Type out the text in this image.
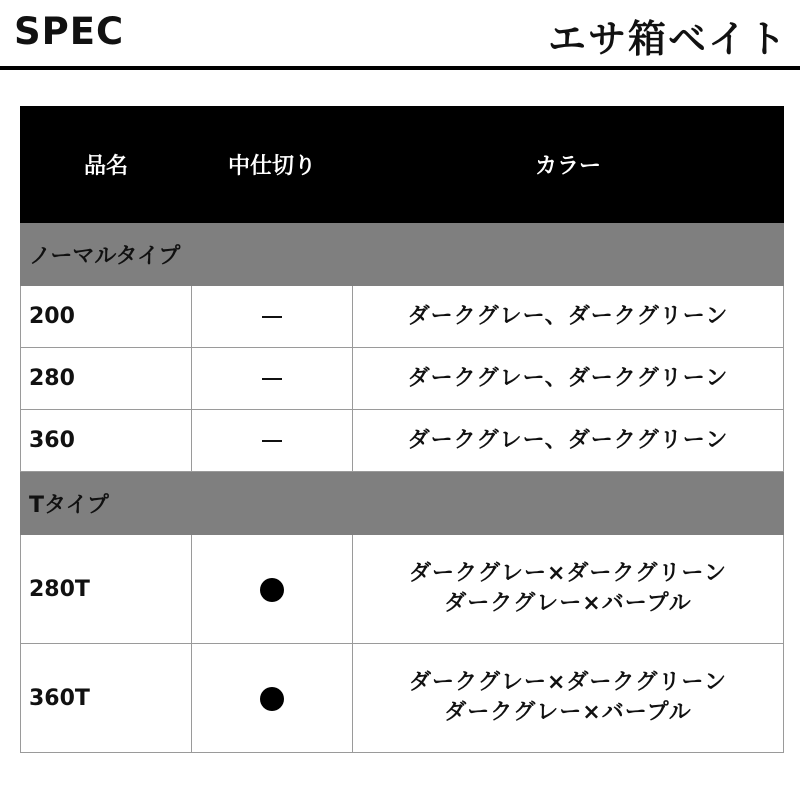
SPEC	エサ箱ベイト
品名	中仕切り	カラー
ノーマルタイプ		
200		ダークグレー、ダークグリーン
280		ダークグレー、ダークグリーン
360		ダークグレー、ダークグリーン
Tタイプ		
280T		ダークグレー×ダークグリーン
ダークグレー×バープル

360T		ダークグレー×ダークグリーン
ダークグレー×バープル
